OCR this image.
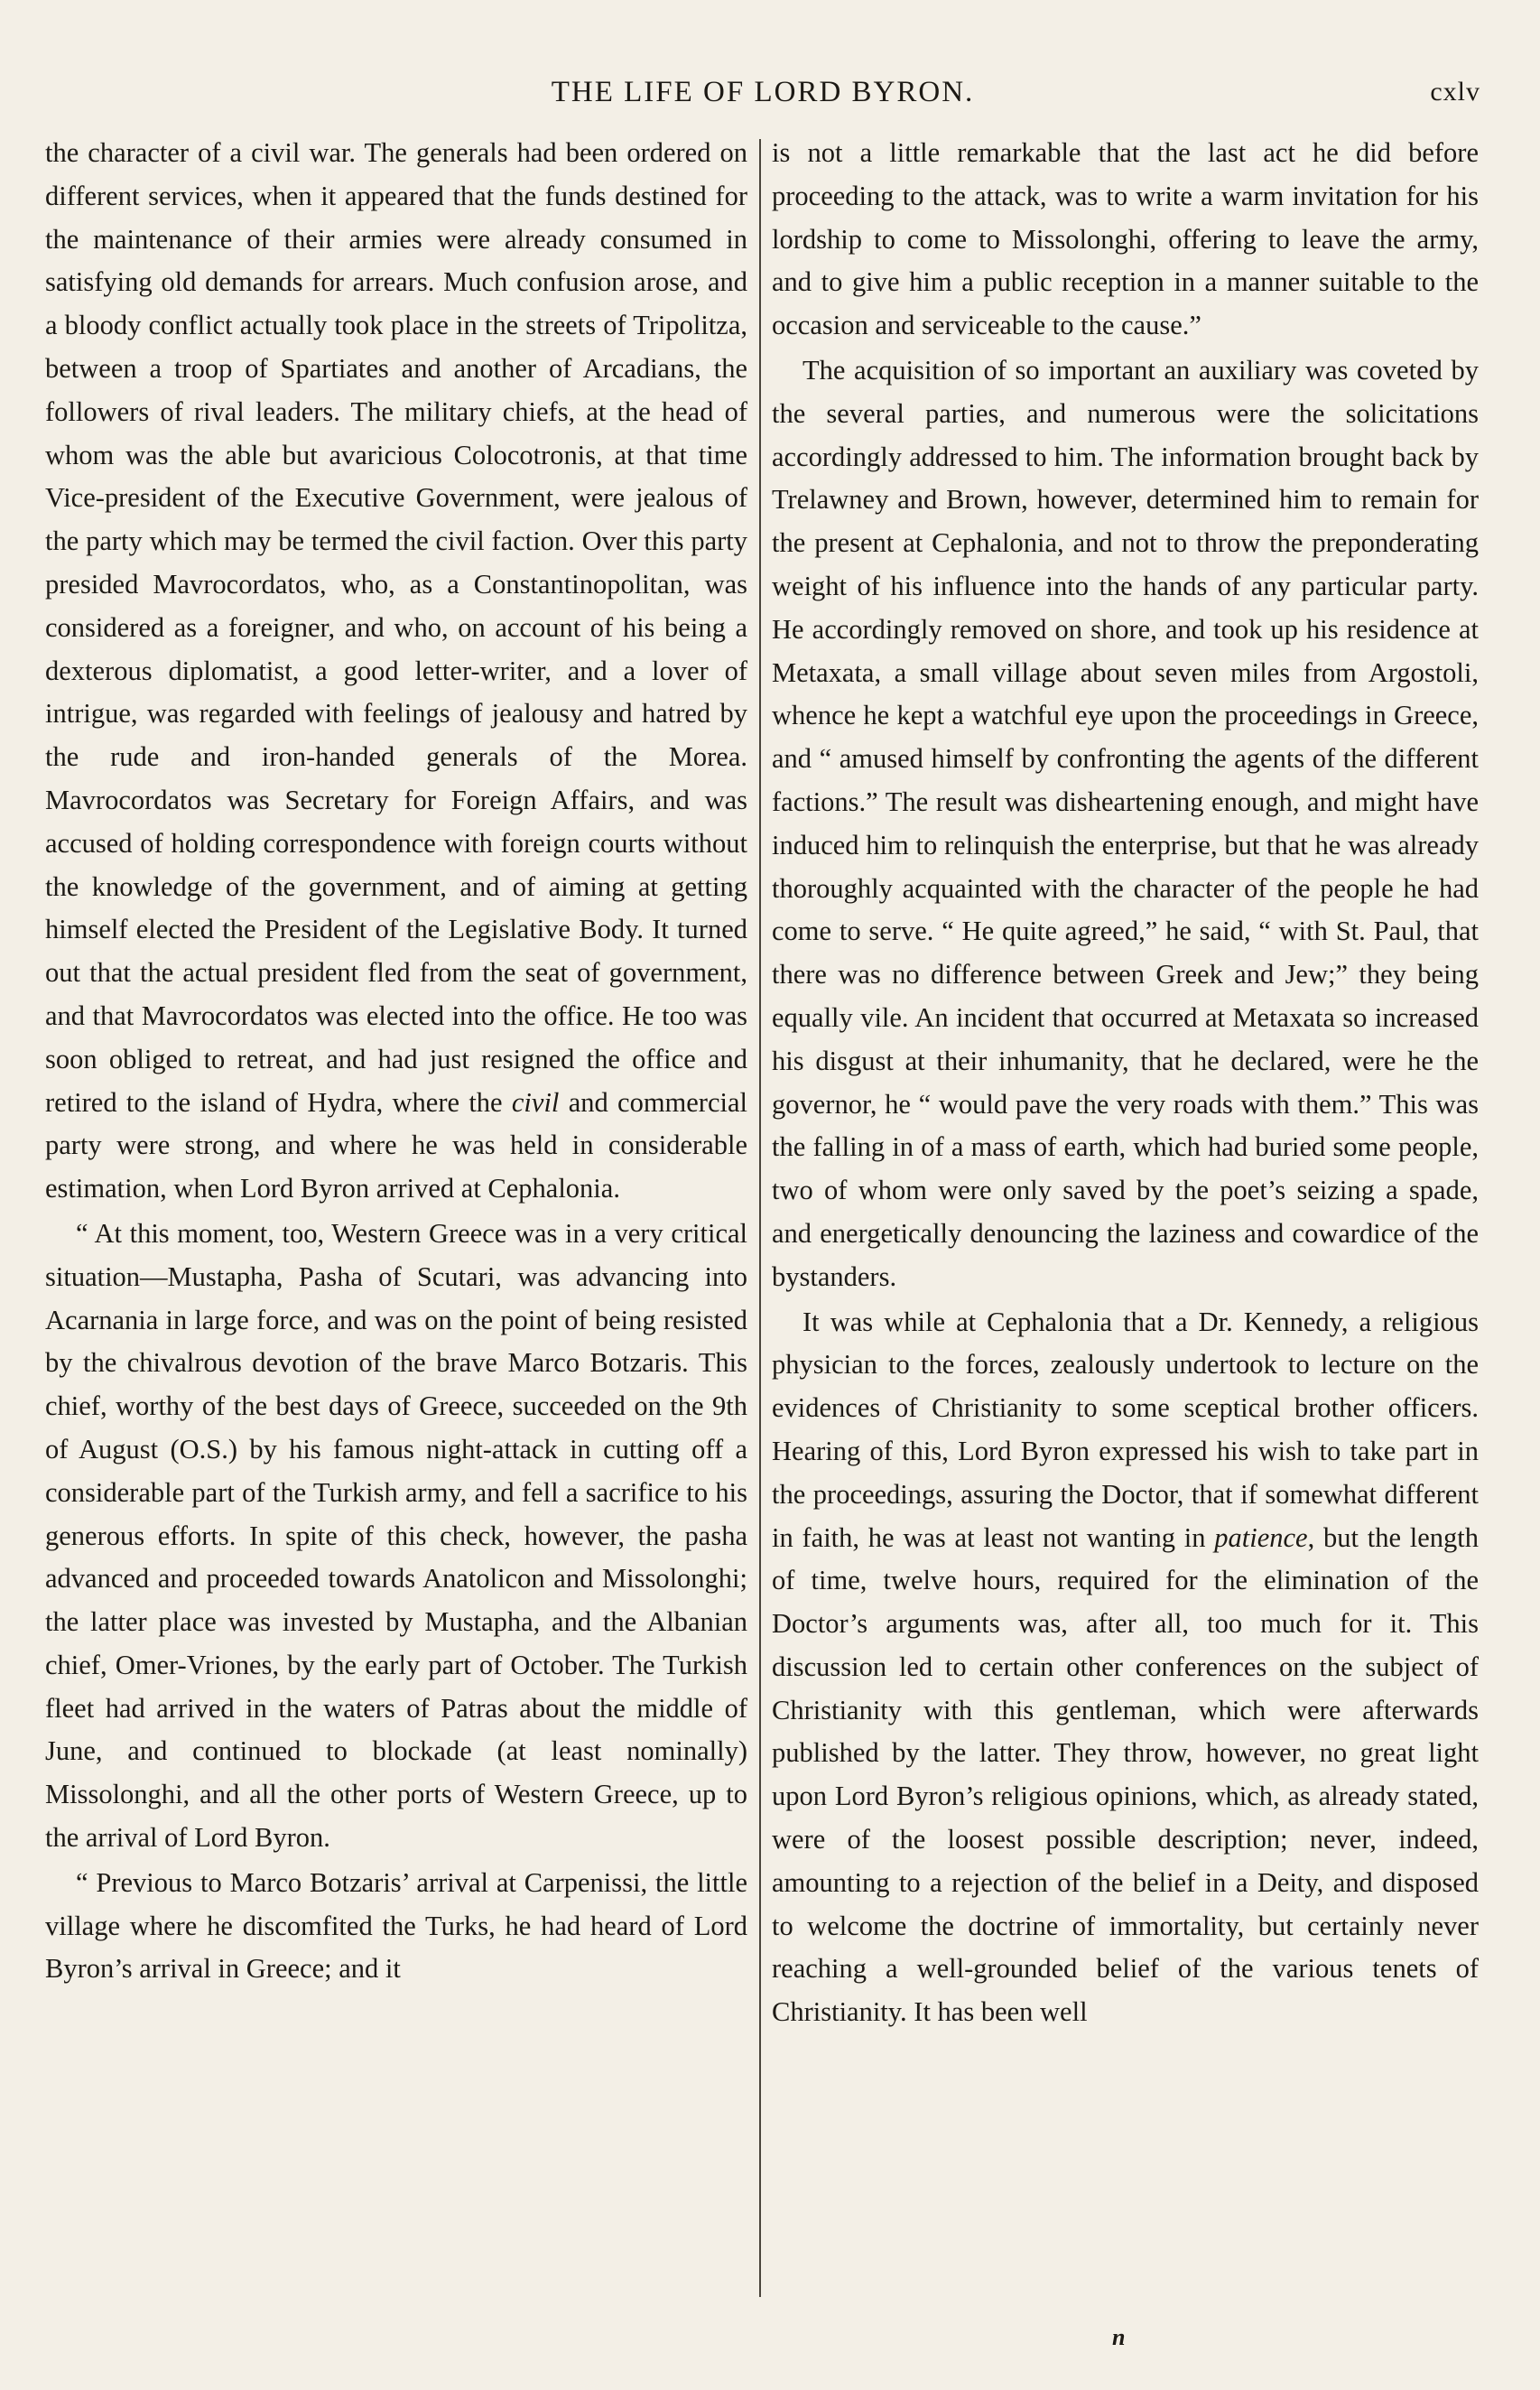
THE LIFE OF LORD BYRON.	cxlv

the character of a civil war. The generals had been ordered on different services, when it appeared that the funds destined for the maintenance of their armies were already consumed in satisfying old demands for arrears. Much confusion arose, and a bloody conflict actually took place in the streets of Tripolitza, between a troop of Spartiates and another of Arcadians, the followers of rival leaders. The military chiefs, at the head of whom was the able but avaricious Colocotronis, at that time Vice-president of the Executive Government, were jealous of the party which may be termed the civil faction. Over this party presided Mavrocordatos, who, as a Constantinopolitan, was considered as a foreigner, and who, on account of his being a dexterous diplomatist, a good letter-writer, and a lover of intrigue, was regarded with feelings of jealousy and hatred by the rude and iron-handed generals of the Morea. Mavrocordatos was Secretary for Foreign Affairs, and was accused of holding correspondence with foreign courts without the knowledge of the government, and of aiming at getting himself elected the President of the Legislative Body. It turned out that the actual president fled from the seat of government, and that Mavrocordatos was elected into the office. He too was soon obliged to retreat, and had just resigned the office and retired to the island of Hydra, where the civil and commercial party were strong, and where he was held in considerable estimation, when Lord Byron arrived at Cephalonia.

“ At this moment, too, Western Greece was in a very critical situation—Mustapha, Pasha of Scutari, was advancing into Acarnania in large force, and was on the point of being resisted by the chivalrous devotion of the brave Marco Botzaris. This chief, worthy of the best days of Greece, succeeded on the 9th of August (O.S.) by his famous night-attack in cutting off a considerable part of the Turkish army, and fell a sacrifice to his generous efforts. In spite of this check, however, the pasha advanced and proceeded towards Anatolicon and Missolonghi; the latter place was invested by Mustapha, and the Albanian chief, Omer-Vriones, by the early part of October. The Turkish fleet had arrived in the waters of Patras about the middle of June, and continued to blockade (at least nominally) Missolonghi, and all the other ports of Western Greece, up to the arrival of Lord Byron.

“ Previous to Marco Botzaris’ arrival at Carpenissi, the little village where he discomfited the Turks, he had heard of Lord Byron’s arrival in Greece; and it

is not a little remarkable that the last act he did before proceeding to the attack, was to write a warm invitation for his lordship to come to Missolonghi, offering to leave the army, and to give him a public reception in a manner suitable to the occasion and serviceable to the cause.”

The acquisition of so important an auxiliary was coveted by the several parties, and numerous were the solicitations accordingly addressed to him. The information brought back by Trelawney and Brown, however, determined him to remain for the present at Cephalonia, and not to throw the preponderating weight of his influence into the hands of any particular party. He accordingly removed on shore, and took up his residence at Metaxata, a small village about seven miles from Argostoli, whence he kept a watchful eye upon the proceedings in Greece, and “ amused himself by confronting the agents of the different factions.” The result was disheartening enough, and might have induced him to relinquish the enterprise, but that he was already thoroughly acquainted with the character of the people he had come to serve. “ He quite agreed,” he said, “ with St. Paul, that there was no difference between Greek and Jew;” they being equally vile. An incident that occurred at Metaxata so increased his disgust at their inhumanity, that he declared, were he the governor, he “ would pave the very roads with them.” This was the falling in of a mass of earth, which had buried some people, two of whom were only saved by the poet’s seizing a spade, and energetically denouncing the laziness and cowardice of the bystanders.

It was while at Cephalonia that a Dr. Kennedy, a religious physician to the forces, zealously undertook to lecture on the evidences of Christianity to some sceptical brother officers. Hearing of this, Lord Byron expressed his wish to take part in the proceedings, assuring the Doctor, that if somewhat different in faith, he was at least not wanting in patience, but the length of time, twelve hours, required for the elimination of the Doctor’s arguments was, after all, too much for it. This discussion led to certain other conferences on the subject of Christianity with this gentleman, which were afterwards published by the latter. They throw, however, no great light upon Lord Byron’s religious opinions, which, as already stated, were of the loosest possible description; never, indeed, amounting to a rejection of the belief in a Deity, and disposed to welcome the doctrine of immortality, but certainly never reaching a well-grounded belief of the various tenets of Christianity. It has been well

n
